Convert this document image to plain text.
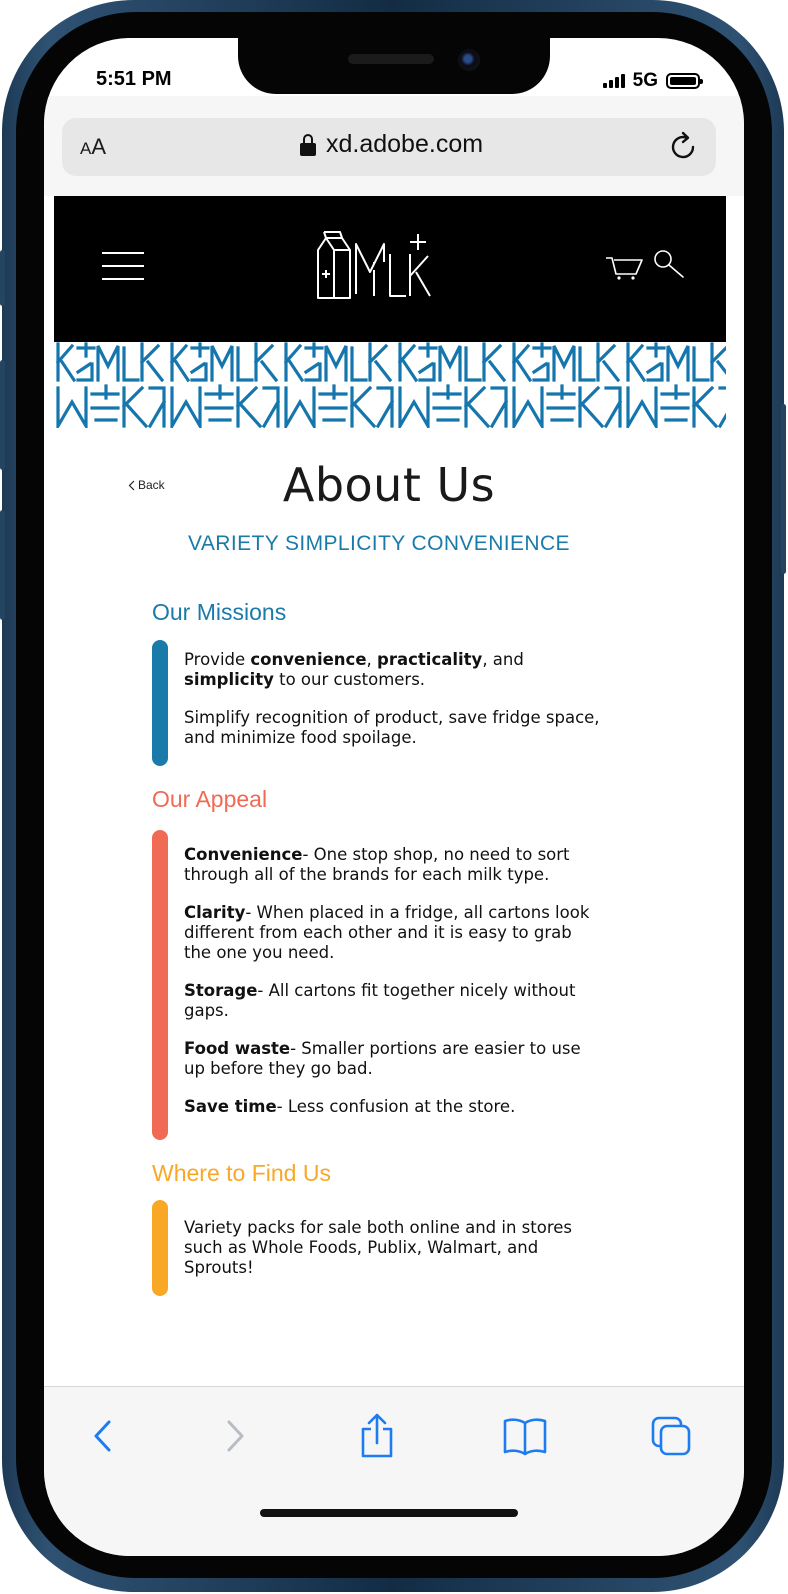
5:51 PM	5G
AA	xd.adobe.com
Back	About Us
VARIETY SIMPLICITY CONVENIENCE
Our Missions

Provide convenience, practicality, and simplicity to our customers.

Simplify recognition of product, save fridge space, and minimize food spoilage.

Our Appeal

Convenience- One stop shop, no need to sort through all of the brands for each milk type.

Clarity- When placed in a fridge, all cartons look different from each other and it is easy to grab the one you need.

Storage- All cartons fit together nicely without gaps.

Food waste- Smaller portions are easier to use up before they go bad.

Save time- Less confusion at the store.

Where to Find Us

Variety packs for sale both online and in stores such as Whole Foods, Publix, Walmart, and Sprouts!
